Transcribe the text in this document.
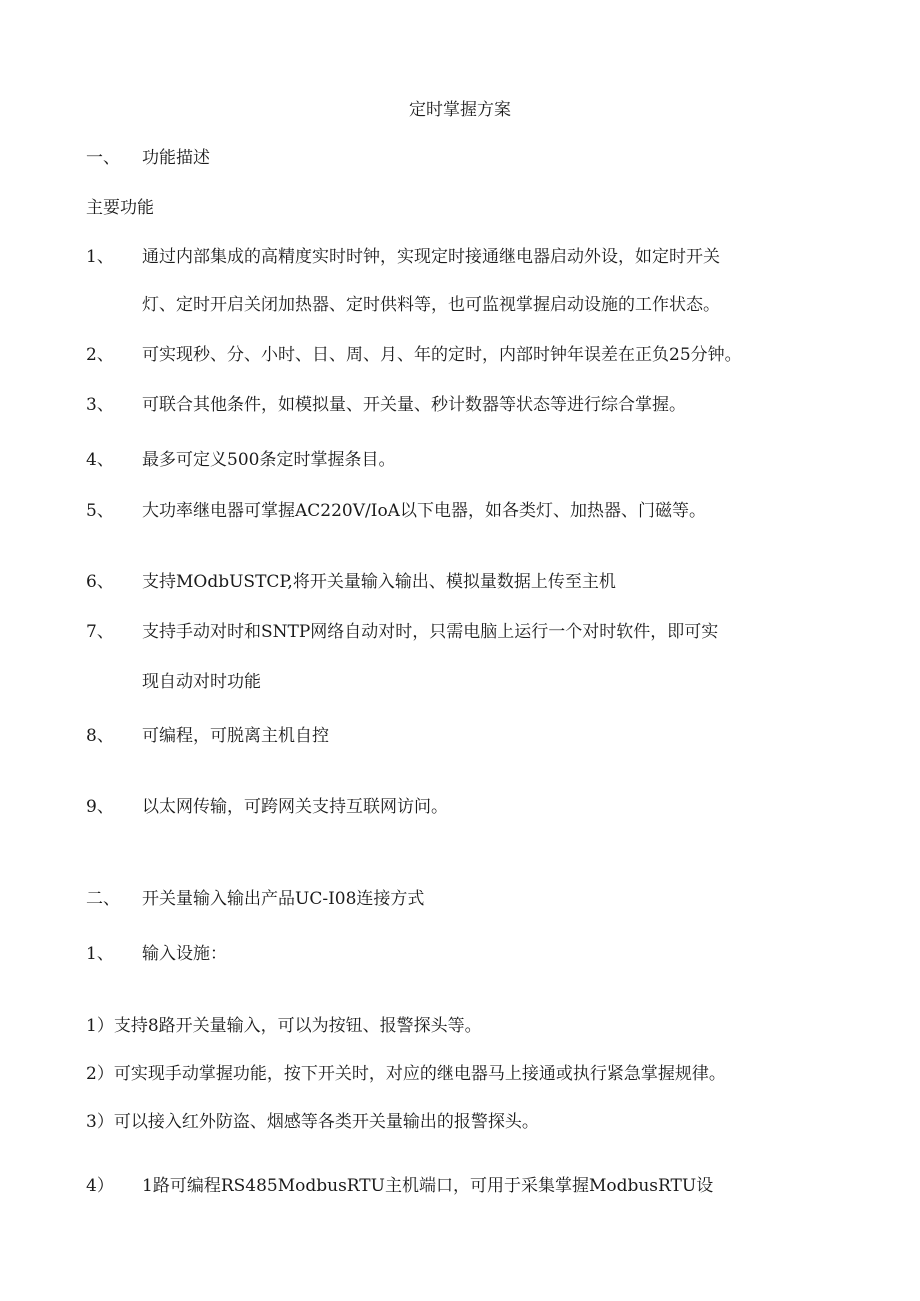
定时掌握方案
一、 功能描述
主要功能
1、 通过内部集成的高精度实时时钟，实现定时接通继电器启动外设，如定时开关
灯、定时开启关闭加热器、定时供料等，也可监视掌握启动设施的工作状态。
2、 可实现秒、分、小时、日、周、月、年的定时，内部时钟年误差在正负25分钟。
3、 可联合其他条件，如模拟量、开关量、秒计数器等状态等进行综合掌握。
4、 最多可定义500条定时掌握条目。
5、 大功率继电器可掌握AC220V∕IoA以下电器，如各类灯、加热器、门磁等。
6、 支持MOdbUSTCP,将开关量输入输出、模拟量数据上传至主机
7、 支持手动对时和SNTP网络自动对时，只需电脑上运行一个对时软件，即可实
现自动对时功能
8、 可编程，可脱离主机自控
9、 以太网传输，可跨网关支持互联网访问。
二、 开关量输入输出产品UC-I08连接方式
1、 输入设施：
1）支持8路开关量输入，可以为按钮、报警探头等。
2）可实现手动掌握功能，按下开关时，对应的继电器马上接通或执行紧急掌握规律。
3）可以接入红外防盗、烟感等各类开关量输出的报警探头。
4） 1路可编程RS485ModbusRTU主机端口，可用于采集掌握ModbusRTU设
